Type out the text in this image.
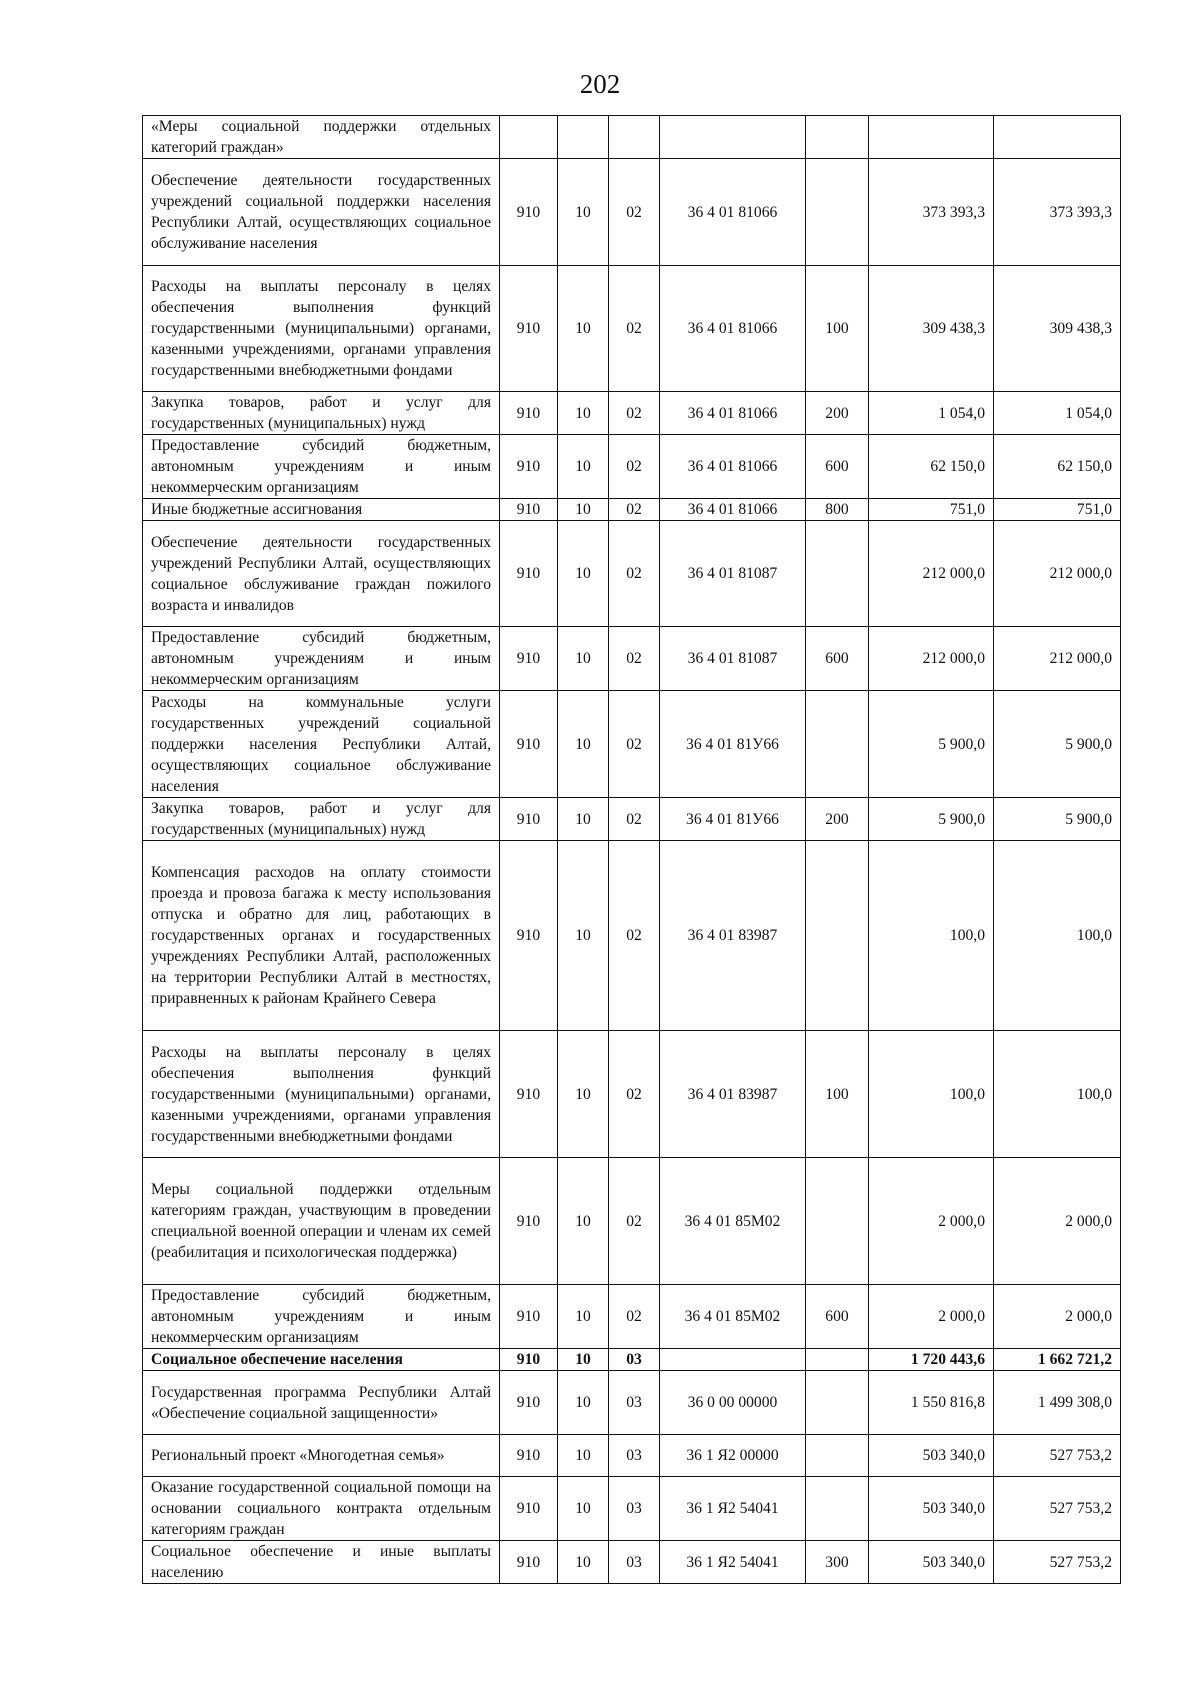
202
«Меры социальной поддержки отдельных категорий граждан»							
Обеспечение деятельности государственных учреждений социальной поддержки населения Республики Алтай, осуществляющих социальное обслуживание населения	910	10	02	36 4 01 81066		373 393,3	373 393,3
Расходы на выплаты персоналу в целях обеспечения выполнения функций государственными (муниципальными) органами, казенными учреждениями, органами управления государственными внебюджетными фондами	910	10	02	36 4 01 81066	100	309 438,3	309 438,3
Закупка товаров, работ и услуг для государственных (муниципальных) нужд	910	10	02	36 4 01 81066	200	1 054,0	1 054,0
Предоставление субсидий бюджетным, автономным учреждениям и иным некоммерческим организациям	910	10	02	36 4 01 81066	600	62 150,0	62 150,0
Иные бюджетные ассигнования	910	10	02	36 4 01 81066	800	751,0	751,0
Обеспечение деятельности государственных учреждений Республики Алтай, осуществляющих социальное обслуживание граждан пожилого возраста и инвалидов	910	10	02	36 4 01 81087		212 000,0	212 000,0
Предоставление субсидий бюджетным, автономным учреждениям и иным некоммерческим организациям	910	10	02	36 4 01 81087	600	212 000,0	212 000,0
Расходы на коммунальные услуги государственных учреждений социальной поддержки населения Республики Алтай, осуществляющих социальное обслуживание населения	910	10	02	36 4 01 81У66		5 900,0	5 900,0
Закупка товаров, работ и услуг для государственных (муниципальных) нужд	910	10	02	36 4 01 81У66	200	5 900,0	5 900,0
Компенсация расходов на оплату стоимости проезда и провоза багажа к месту использования отпуска и обратно для лиц, работающих в государственных органах и государственных учреждениях Республики Алтай, расположенных на территории Республики Алтай в местностях, приравненных к районам Крайнего Севера	910	10	02	36 4 01 83987		100,0	100,0
Расходы на выплаты персоналу в целях обеспечения выполнения функций государственными (муниципальными) органами, казенными учреждениями, органами управления государственными внебюджетными фондами	910	10	02	36 4 01 83987	100	100,0	100,0
Меры социальной поддержки отдельным категориям граждан, участвующим в проведении специальной военной операции и членам их семей (реабилитация и психологическая поддержка)	910	10	02	36 4 01 85М02		2 000,0	2 000,0
Предоставление субсидий бюджетным, автономным учреждениям и иным некоммерческим организациям	910	10	02	36 4 01 85М02	600	2 000,0	2 000,0
Социальное обеспечение населения	910	10	03			1 720 443,6	1 662 721,2
Государственная программа Республики Алтай «Обеспечение социальной защищенности»	910	10	03	36 0 00 00000		1 550 816,8	1 499 308,0
Региональный проект «Многодетная семья»	910	10	03	36 1 Я2 00000		503 340,0	527 753,2
Оказание государственной социальной помощи на основании социального контракта отдельным категориям граждан	910	10	03	36 1 Я2 54041		503 340,0	527 753,2
Социальное обеспечение и иные выплаты населению	910	10	03	36 1 Я2 54041	300	503 340,0	527 753,2
